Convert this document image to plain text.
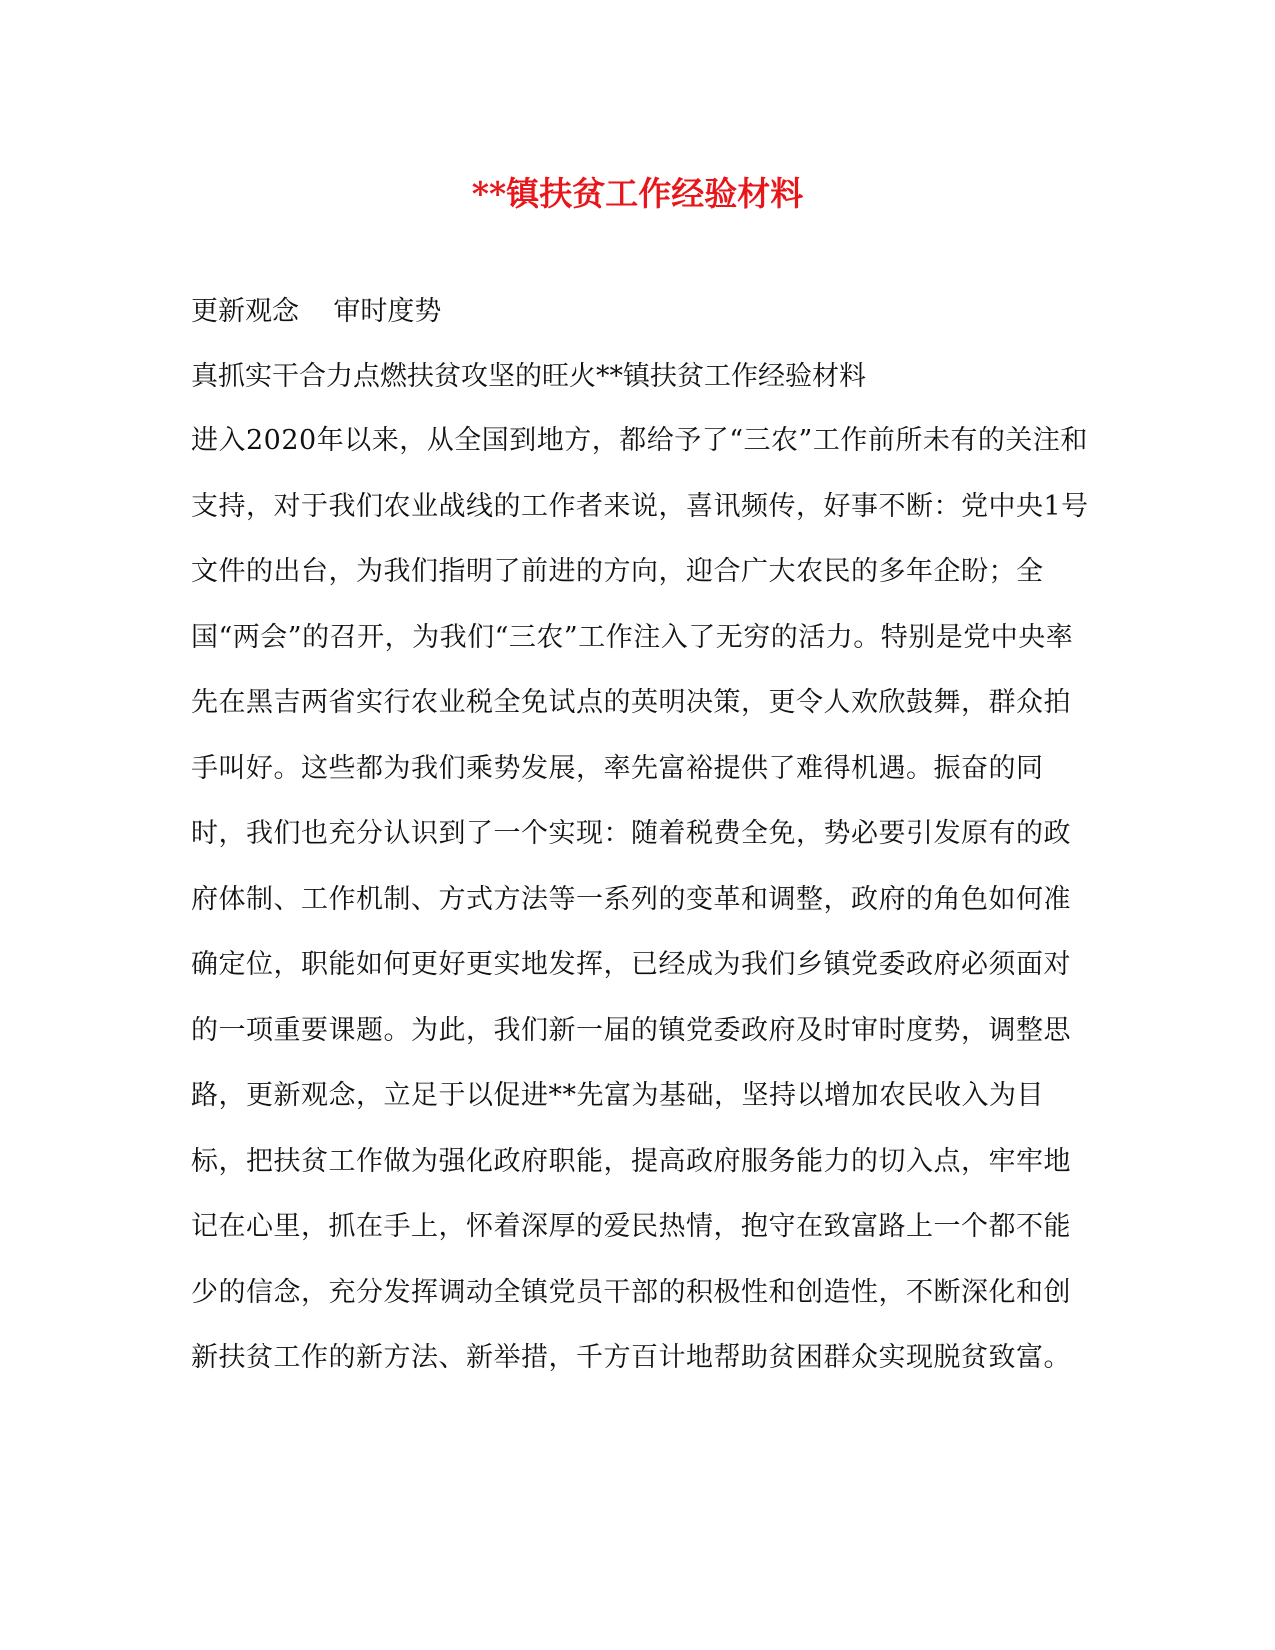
**镇扶贫工作经验材料

更新观念    审时度势

真抓实干合力点燃扶贫攻坚的旺火**镇扶贫工作经验材料

进入2020年以来，从全国到地方，都给予了“三农”工作前所未有的关注和支持，对于我们农业战线的工作者来说，喜讯频传，好事不断：党中央1号文件的出台，为我们指明了前进的方向，迎合广大农民的多年企盼；全国“两会”的召开，为我们“三农”工作注入了无穷的活力。特别是党中央率先在黑吉两省实行农业税全免试点的英明决策，更令人欢欣鼓舞，群众拍手叫好。这些都为我们乘势发展，率先富裕提供了难得机遇。振奋的同时，我们也充分认识到了一个实现：随着税费全免，势必要引发原有的政府体制、工作机制、方式方法等一系列的变革和调整，政府的角色如何准确定位，职能如何更好更实地发挥，已经成为我们乡镇党委政府必须面对的一项重要课题。为此，我们新一届的镇党委政府及时审时度势，调整思路，更新观念，立足于以促进**先富为基础，坚持以增加农民收入为目标，把扶贫工作做为强化政府职能，提高政府服务能力的切入点，牢牢地记在心里，抓在手上，怀着深厚的爱民热情，抱守在致富路上一个都不能少的信念，充分发挥调动全镇党员干部的积极性和创造性，不断深化和创新扶贫工作的新方法、新举措，千方百计地帮助贫困群众实现脱贫致富。
